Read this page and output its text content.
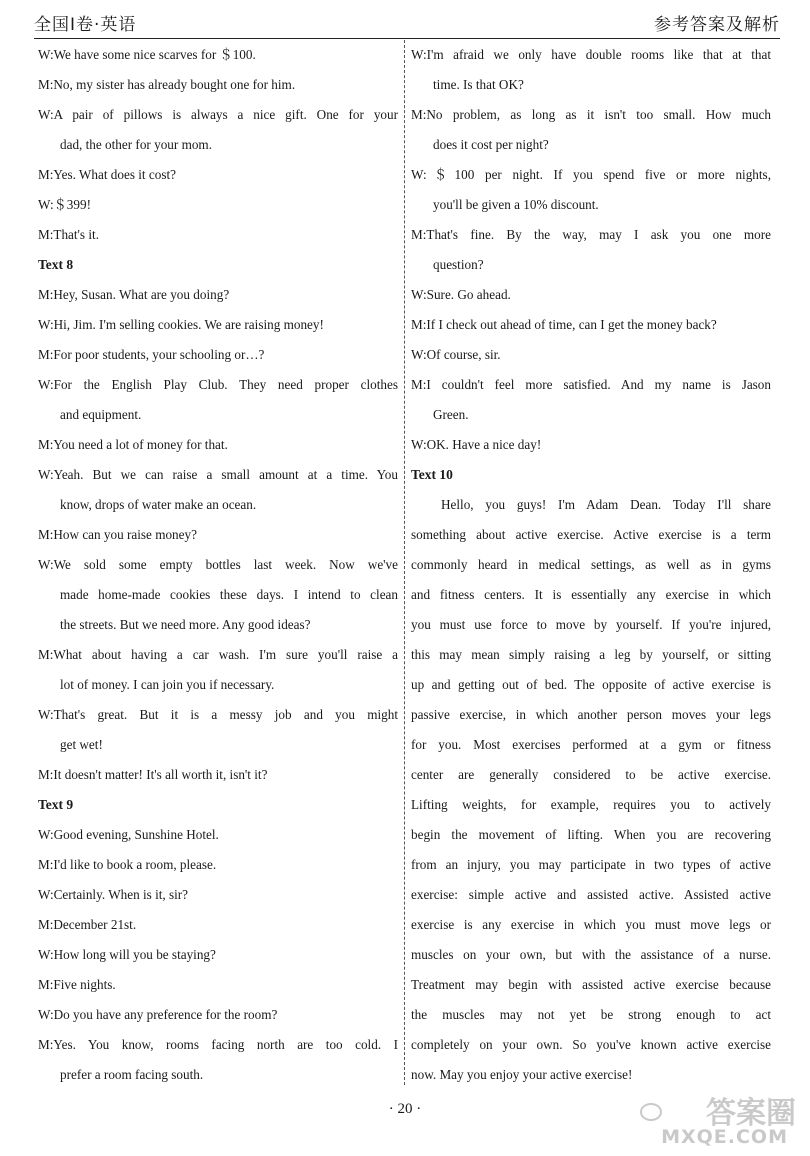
全国Ⅰ卷·英语	参考答案及解析
W:We have some nice scarves for ＄100.
M:No, my sister has already bought one for him.
W:A pair of pillows is always a nice gift. One for your
dad, the other for your mom.
M:Yes. What does it cost?
W:＄399!
M:That's it.
Text 8
M:Hey, Susan. What are you doing?
W:Hi, Jim. I'm selling cookies. We are raising money!
M:For poor students, your schooling or…?
W:For the English Play Club. They need proper clothes
and equipment.
M:You need a lot of money for that.
W:Yeah. But we can raise a small amount at a time. You
know, drops of water make an ocean.
M:How can you raise money?
W:We sold some empty bottles last week. Now we've
made home-made cookies these days. I intend to clean
the streets. But we need more. Any good ideas?
M:What about having a car wash. I'm sure you'll raise a
lot of money. I can join you if necessary.
W:That's great. But it is a messy job and you might
get wet!
M:It doesn't matter! It's all worth it, isn't it?
Text 9
W:Good evening, Sunshine Hotel.
M:I'd like to book a room, please.
W:Certainly. When is it, sir?
M:December 21st.
W:How long will you be staying?
M:Five nights.
W:Do you have any preference for the room?
M:Yes. You know, rooms facing north are too cold. I
prefer a room facing south.
W:I'm afraid we only have double rooms like that at that
time. Is that OK?
M:No problem, as long as it isn't too small. How much
does it cost per night?
W:＄100 per night. If you spend five or more nights,
you'll be given a 10% discount.
M:That's fine. By the way, may I ask you one more
question?
W:Sure. Go ahead.
M:If I check out ahead of time, can I get the money back?
W:Of course, sir.
M:I couldn't feel more satisfied. And my name is Jason
Green.
W:OK. Have a nice day!
Text 10
Hello, you guys! I'm Adam Dean. Today I'll share
something about active exercise. Active exercise is a term
commonly heard in medical settings, as well as in gyms
and fitness centers. It is essentially any exercise in which
you must use force to move by yourself. If you're injured,
this may mean simply raising a leg by yourself, or sitting
up and getting out of bed. The opposite of active exercise is
passive exercise, in which another person moves your legs
for you. Most exercises performed at a gym or fitness
center are generally considered to be active exercise.
Lifting weights, for example, requires you to actively
begin the movement of lifting. When you are recovering
from an injury, you may participate in two types of active
exercise: simple active and assisted active. Assisted active
exercise is any exercise in which you must move legs or
muscles on your own, but with the assistance of a nurse.
Treatment may begin with assisted active exercise because
the muscles may not yet be strong enough to act
completely on your own. So you've known active exercise
now. May you enjoy your active exercise!
· 20 ·	答案圈
MXQE.COM
